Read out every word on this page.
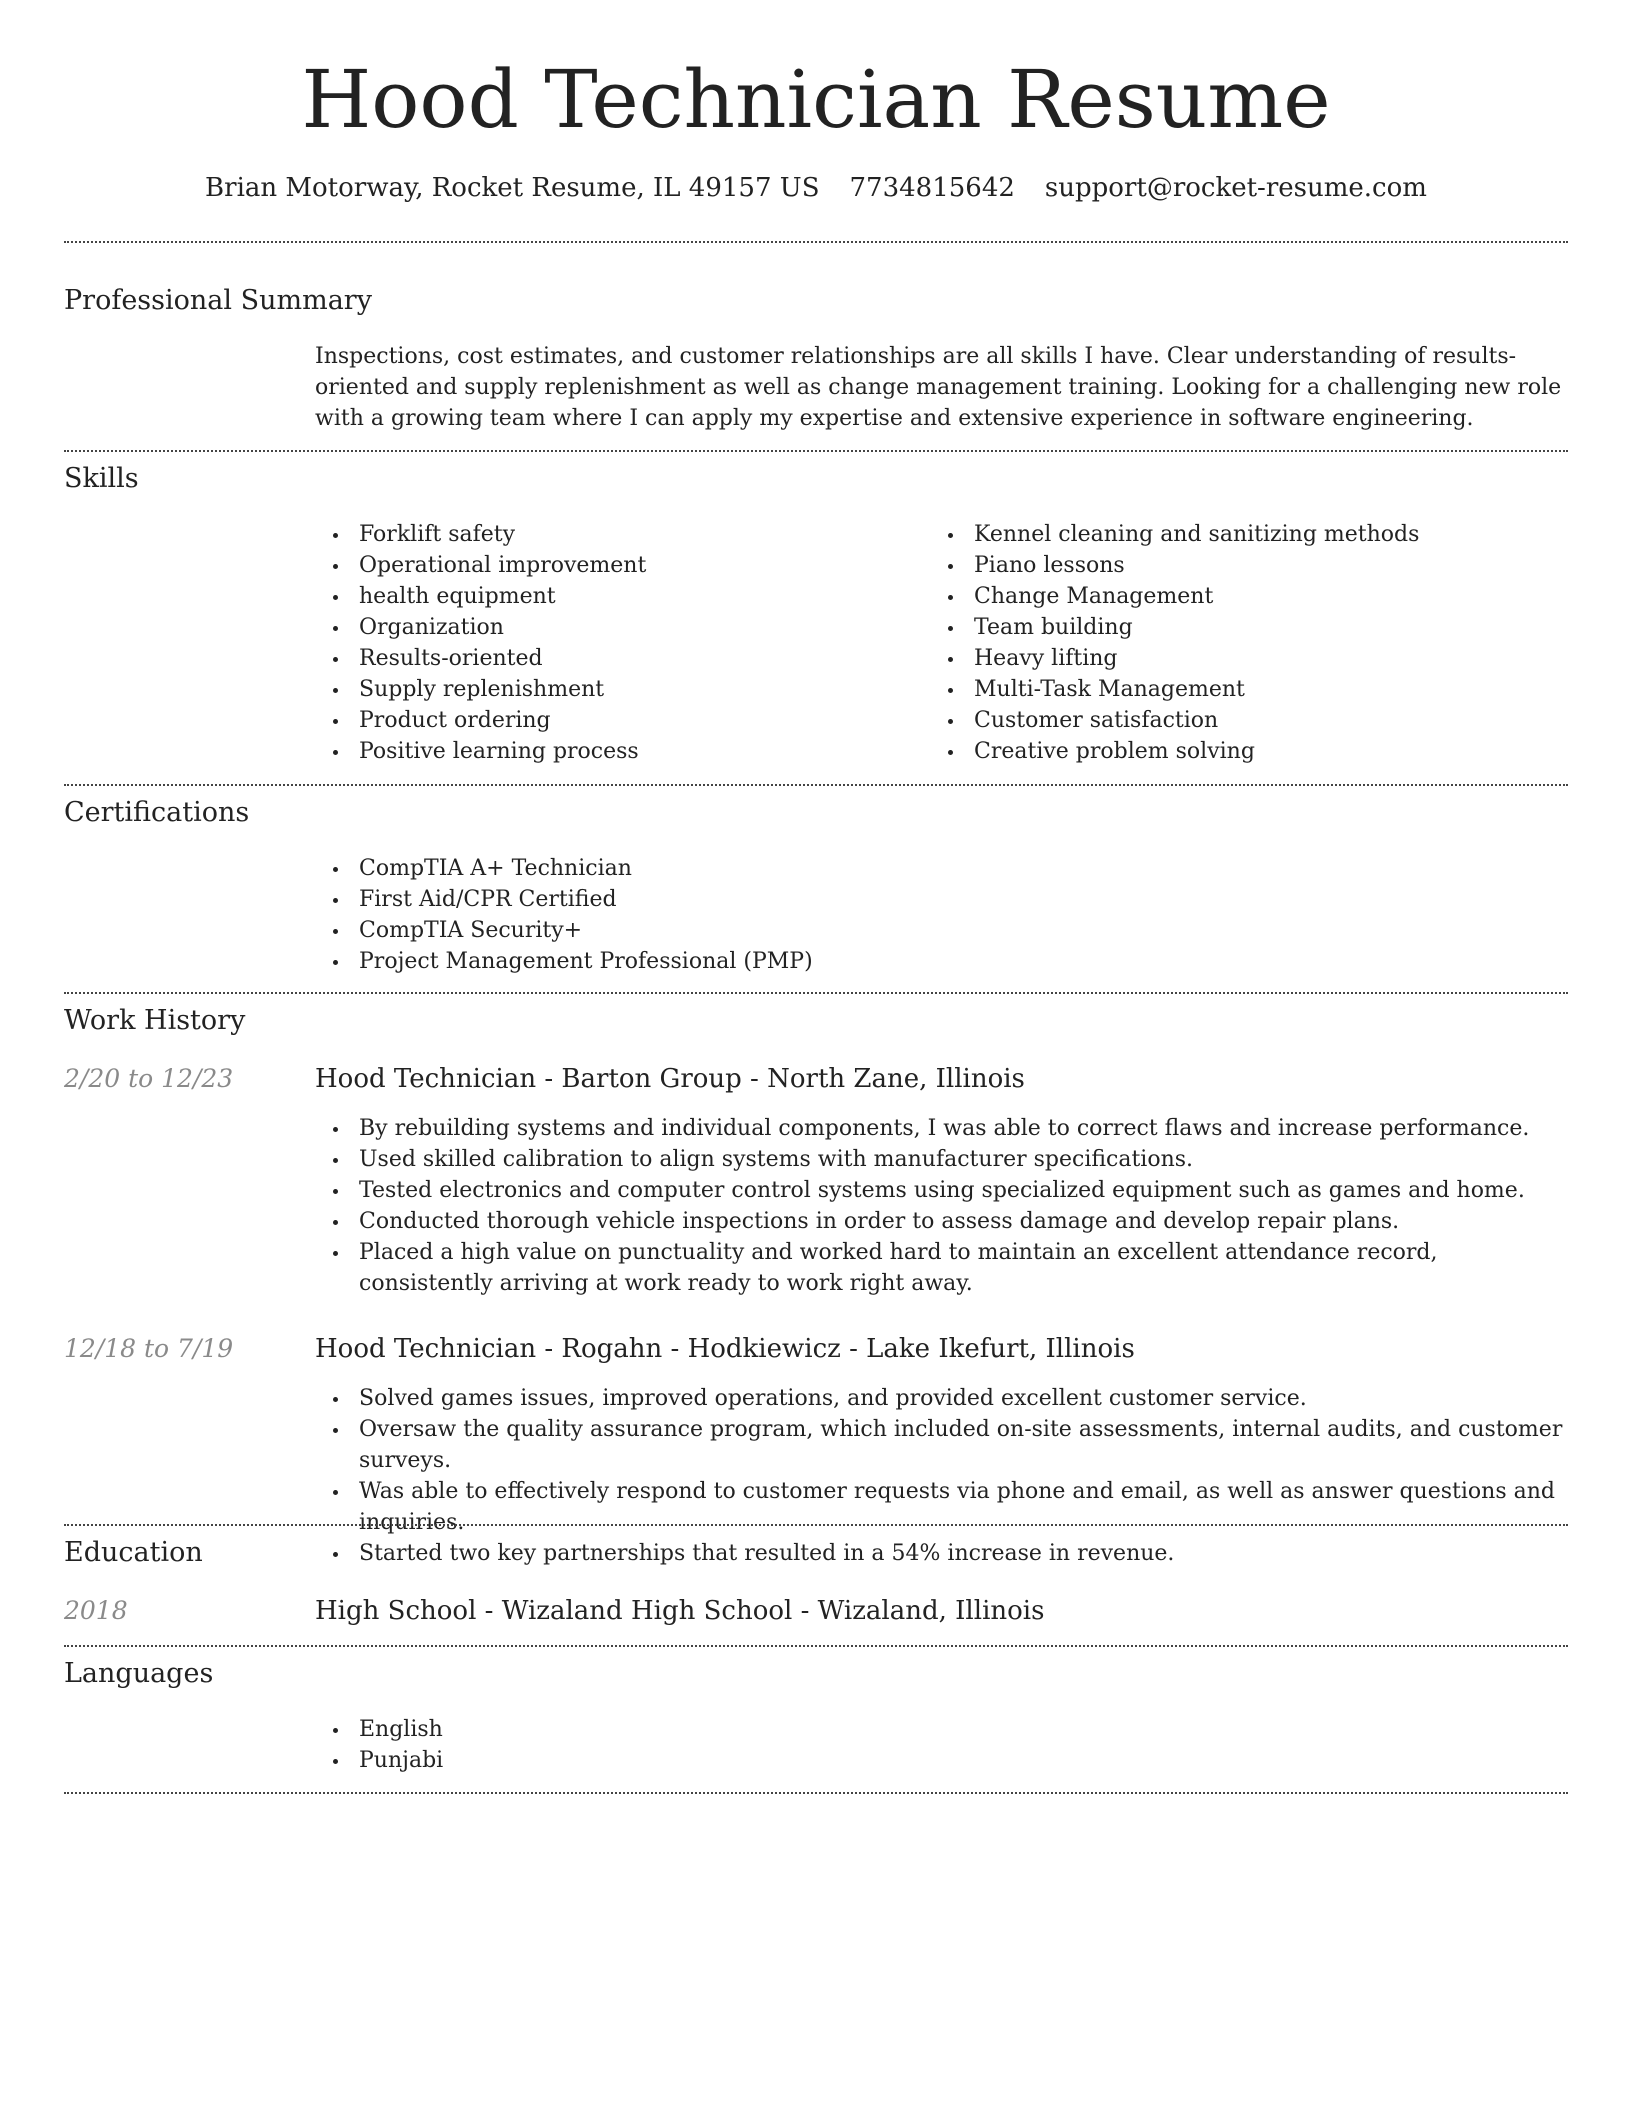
Hood Technician Resume
Brian Motorway, Rocket Resume, IL 49157 US 7734815642 support@rocket-resume.com
Professional Summary
Inspections, cost estimates, and customer relationships are all skills I have. Clear understanding of results-oriented and supply replenishment as well as change management training. Looking for a challenging new role with a growing team where I can apply my expertise and extensive experience in software engineering.
Skills
Forklift safety
Operational improvement
health equipment
Organization
Results-oriented
Supply replenishment
Product ordering
Positive learning process
Kennel cleaning and sanitizing methods
Piano lessons
Change Management
Team building
Heavy lifting
Multi-Task Management
Customer satisfaction
Creative problem solving
Certifications
CompTIA A+ Technician
First Aid/CPR Certified
CompTIA Security+
Project Management Professional (PMP)
Work History
2/20 to 12/23	Hood Technician - Barton Group - North Zane, Illinois
By rebuilding systems and individual components, I was able to correct flaws and increase performance.
Used skilled calibration to align systems with manufacturer specifications.
Tested electronics and computer control systems using specialized equipment such as games and home.
Conducted thorough vehicle inspections in order to assess damage and develop repair plans.
Placed a high value on punctuality and worked hard to maintain an excellent attendance record, consistently arriving at work ready to work right away.
12/18 to 7/19	Hood Technician - Rogahn - Hodkiewicz - Lake Ikefurt, Illinois
Solved games issues, improved operations, and provided excellent customer service.
Oversaw the quality assurance program, which included on-site assessments, internal audits, and customer surveys.
Was able to effectively respond to customer requests via phone and email, as well as answer questions and inquiries.
Started two key partnerships that resulted in a 54% increase in revenue.
Education
2018	High School - Wizaland High School - Wizaland, Illinois
Languages
English
Punjabi
